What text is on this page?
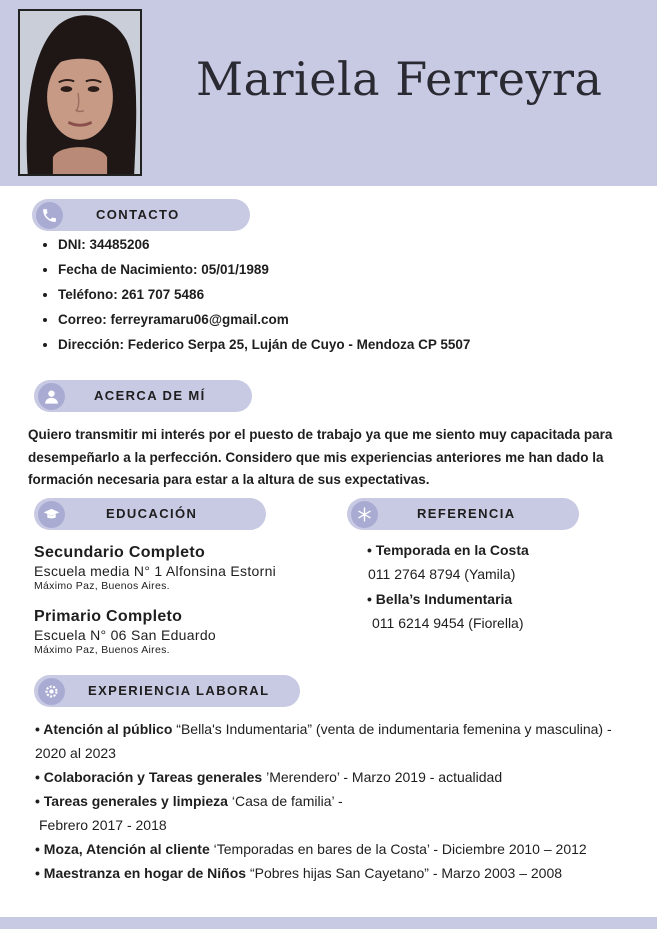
Mariela Ferreyra
CONTACTO
DNI: 34485206
Fecha de Nacimiento: 05/01/1989
Teléfono: 261 707 5486
Correo: ferreyramaru06@gmail.com
Dirección: Federico Serpa 25, Luján de Cuyo - Mendoza CP 5507
ACERCA DE MÍ
Quiero transmitir mi interés por el puesto de trabajo ya que me siento muy capacitada para desempeñarlo a la perfección. Considero que mis experiencias anteriores me han dado la formación necesaria para estar a la altura de sus expectativas.
EDUCACIÓN
Secundario Completo
Escuela media N° 1 Alfonsina Estorni
Máximo Paz, Buenos Aires.
Primario Completo
Escuela N° 06 San Eduardo
Máximo Paz, Buenos Aires.
REFERENCIA
• Temporada en la Costa
011 2764 8794 (Yamila)
• Bella’s Indumentaria
011 6214 9454 (Fiorella)
EXPERIENCIA LABORAL

• Atención al público “Bella's Indumentaria” (venta de indumentaria femenina y masculina) - 2020 al 2023

• Colaboración y Tareas generales ’Merendero’ - Marzo 2019 - actualidad

• Tareas generales y limpieza ‘Casa de familia’ -

Febrero 2017 - 2018

• Moza, Atención al cliente ‘Temporadas en bares de la Costa’ - Diciembre 2010 – 2012

• Maestranza en hogar de Niños “Pobres hijas San Cayetano” - Marzo 2003 – 2008
